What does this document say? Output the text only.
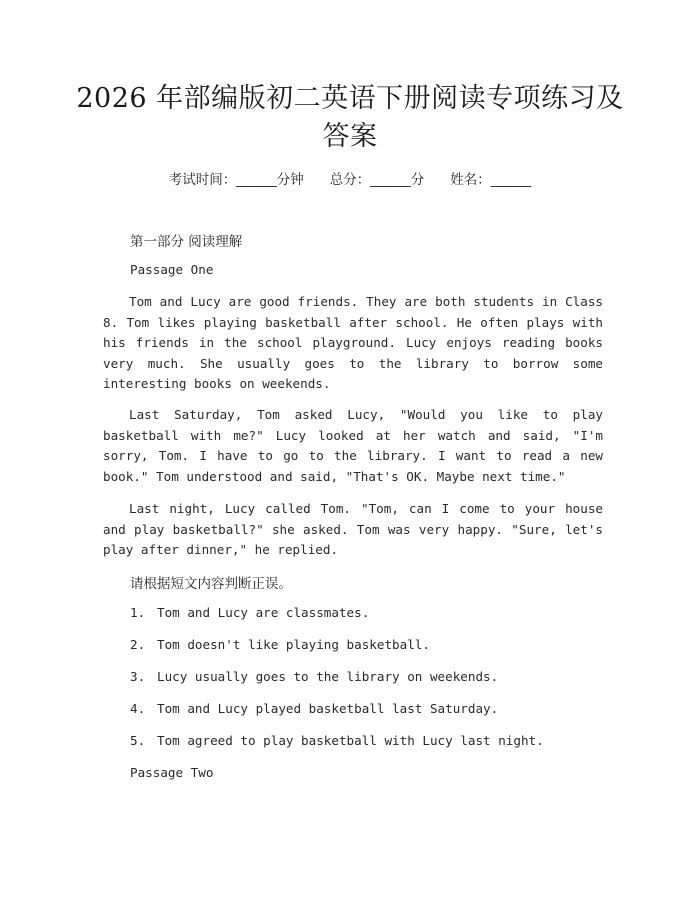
2026 年部编版初二英语下册阅读专项练习及
答案
考试时间：______分钟 总分：______分 姓名：______
第一部分 阅读理解
Passage One
Tom and Lucy are good friends. They are both students in Class 8. Tom likes playing basketball after school. He often plays with his friends in the school playground. Lucy enjoys reading books very much. She usually goes to the library to borrow some interesting books on weekends.
Last Saturday, Tom asked Lucy, "Would you like to play basketball with me?" Lucy looked at her watch and said, "I'm sorry, Tom. I have to go to the library. I want to read a new book." Tom understood and said, "That's OK. Maybe next time."
Last night, Lucy called Tom. "Tom, can I come to your house and play basketball?" she asked. Tom was very happy. "Sure, let's play after dinner," he replied.
请根据短文内容判断正误。
1. Tom and Lucy are classmates.
2. Tom doesn't like playing basketball.
3. Lucy usually goes to the library on weekends.
4. Tom and Lucy played basketball last Saturday.
5. Tom agreed to play basketball with Lucy last night.
Passage Two
